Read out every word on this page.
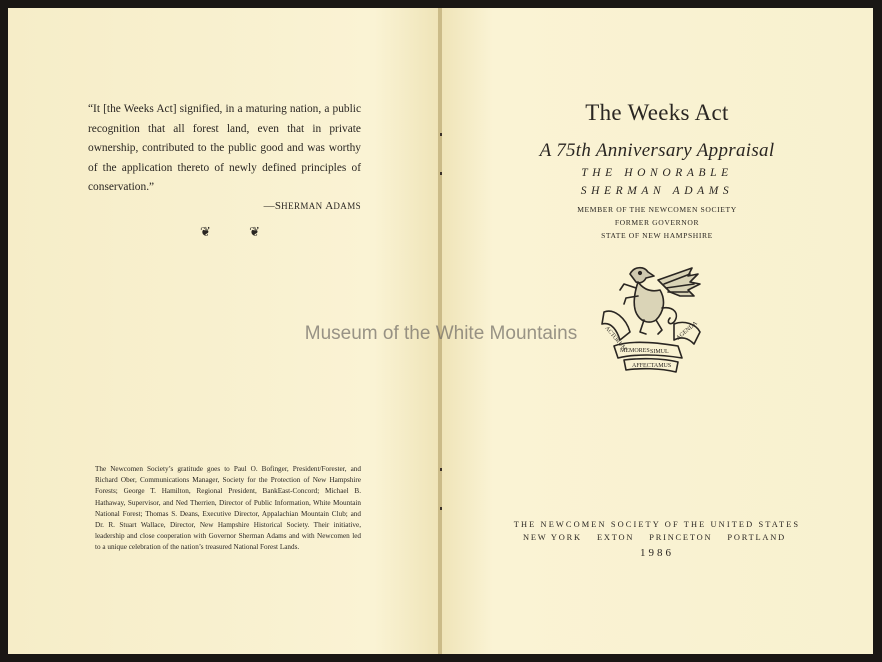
“It [the Weeks Act] signified, in a maturing nation, a public recognition that all forest land, even that in private ownership, contributed to the public good and was worthy of the application thereto of newly defined principles of conservation.”
—SHERMAN ADAMS
❦	❦
The Newcomen Society’s gratitude goes to Paul O. Bofinger, President/Forester, and Richard Ober, Communications Manager, Society for the Protection of New Hampshire Forests; George T. Hamilton, Regional President, BankEast-Concord; Michael B. Hathaway, Supervisor, and Ned Therrien, Director of Public Information, White Mountain National Forest; Thomas S. Deans, Executive Director, Appalachian Mountain Club; and Dr. R. Stuart Wallace, Director, New Hampshire Historical Society. Their initiative, leadership and close cooperation with Governor Sherman Adams and with Newcomen led to a unique celebration of the nation’s treasured National Forest Lands.
The Weeks Act
A 75th Anniversary Appraisal
THE HONORABLE
SHERMAN ADAMS
MEMBER OF THE NEWCOMEN SOCIETY
FORMER GOVERNOR
STATE OF NEW HAMPSHIRE
ACTORUM
MEMORES SIMUL
AGENDA
AFFECTAMUS
THE NEWCOMEN SOCIETY OF THE UNITED STATES
NEW YORK EXTON PRINCETON PORTLAND
1986
Museum of the White Mountains
